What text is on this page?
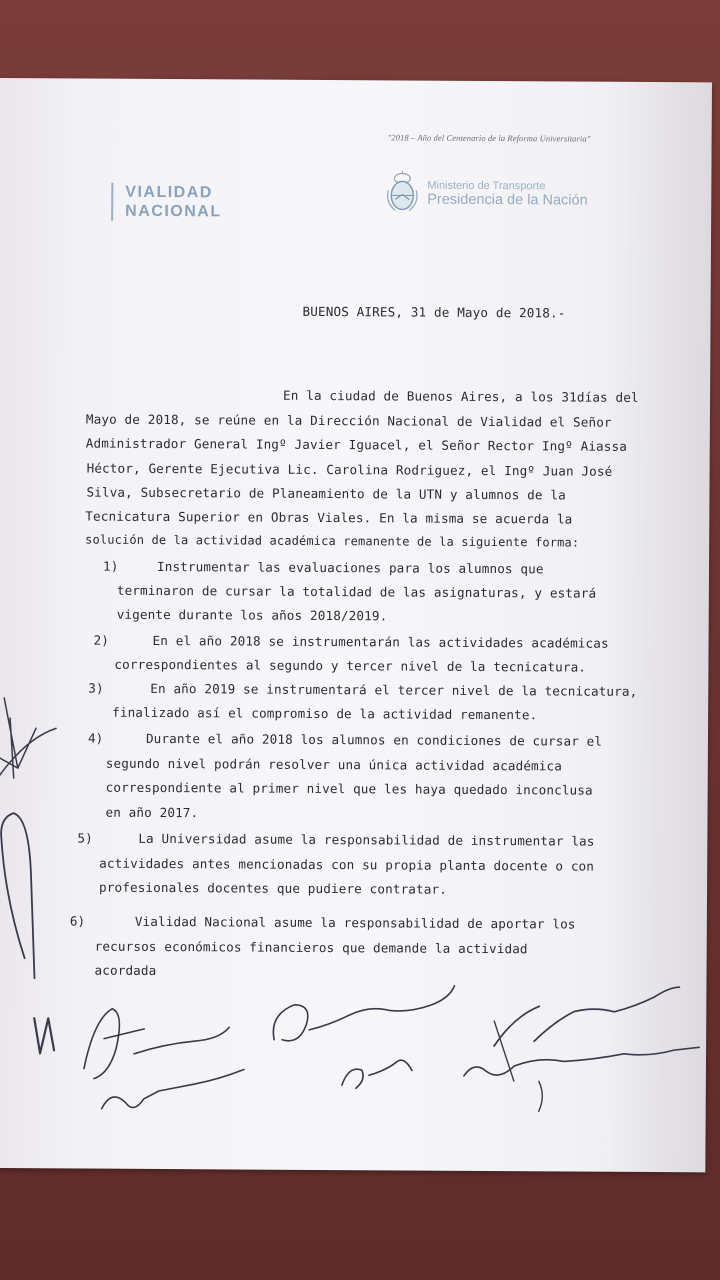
"2018 – Año del Centenario de la Reforma Universitaria"
VIALIDAD
NACIONAL
Ministerio de Transporte
Presidencia de la Nación
BUENOS AIRES, 31 de Mayo de 2018.-
En la ciudad de Buenos Aires, a los 31días del
Mayo de 2018, se reúne en la Dirección Nacional de Vialidad el Señor
Administrador General Ingº Javier Iguacel, el Señor Rector Ingº Aiassa
Héctor, Gerente Ejecutiva Lic. Carolina Rodriguez, el Ingº Juan José
Silva, Subsecretario de Planeamiento de la UTN y alumnos de la
Tecnicatura Superior en Obras Viales. En la misma se acuerda la
solución de la actividad académica remanente de la siguiente forma:
1)	Instrumentar las evaluaciones para los alumnos que
terminaron de cursar la totalidad de las asignaturas, y estará
vigente durante los años 2018/2019.
2)	En el año 2018 se instrumentarán las actividades académicas
correspondientes al segundo y tercer nivel de la tecnicatura.
3)	En año 2019 se instrumentará el tercer nivel de la tecnicatura,
finalizado así el compromiso de la actividad remanente.
4)	Durante el año 2018 los alumnos en condiciones de cursar el
segundo nivel podrán resolver una única actividad académica
correspondiente al primer nivel que les haya quedado inconclusa
en año 2017.
5)	La Universidad asume la responsabilidad de instrumentar las
actividades antes mencionadas con su propia planta docente o con
profesionales docentes que pudiere contratar.
6)	Vialidad Nacional asume la responsabilidad de aportar los
recursos económicos financieros que demande la actividad
acordada
